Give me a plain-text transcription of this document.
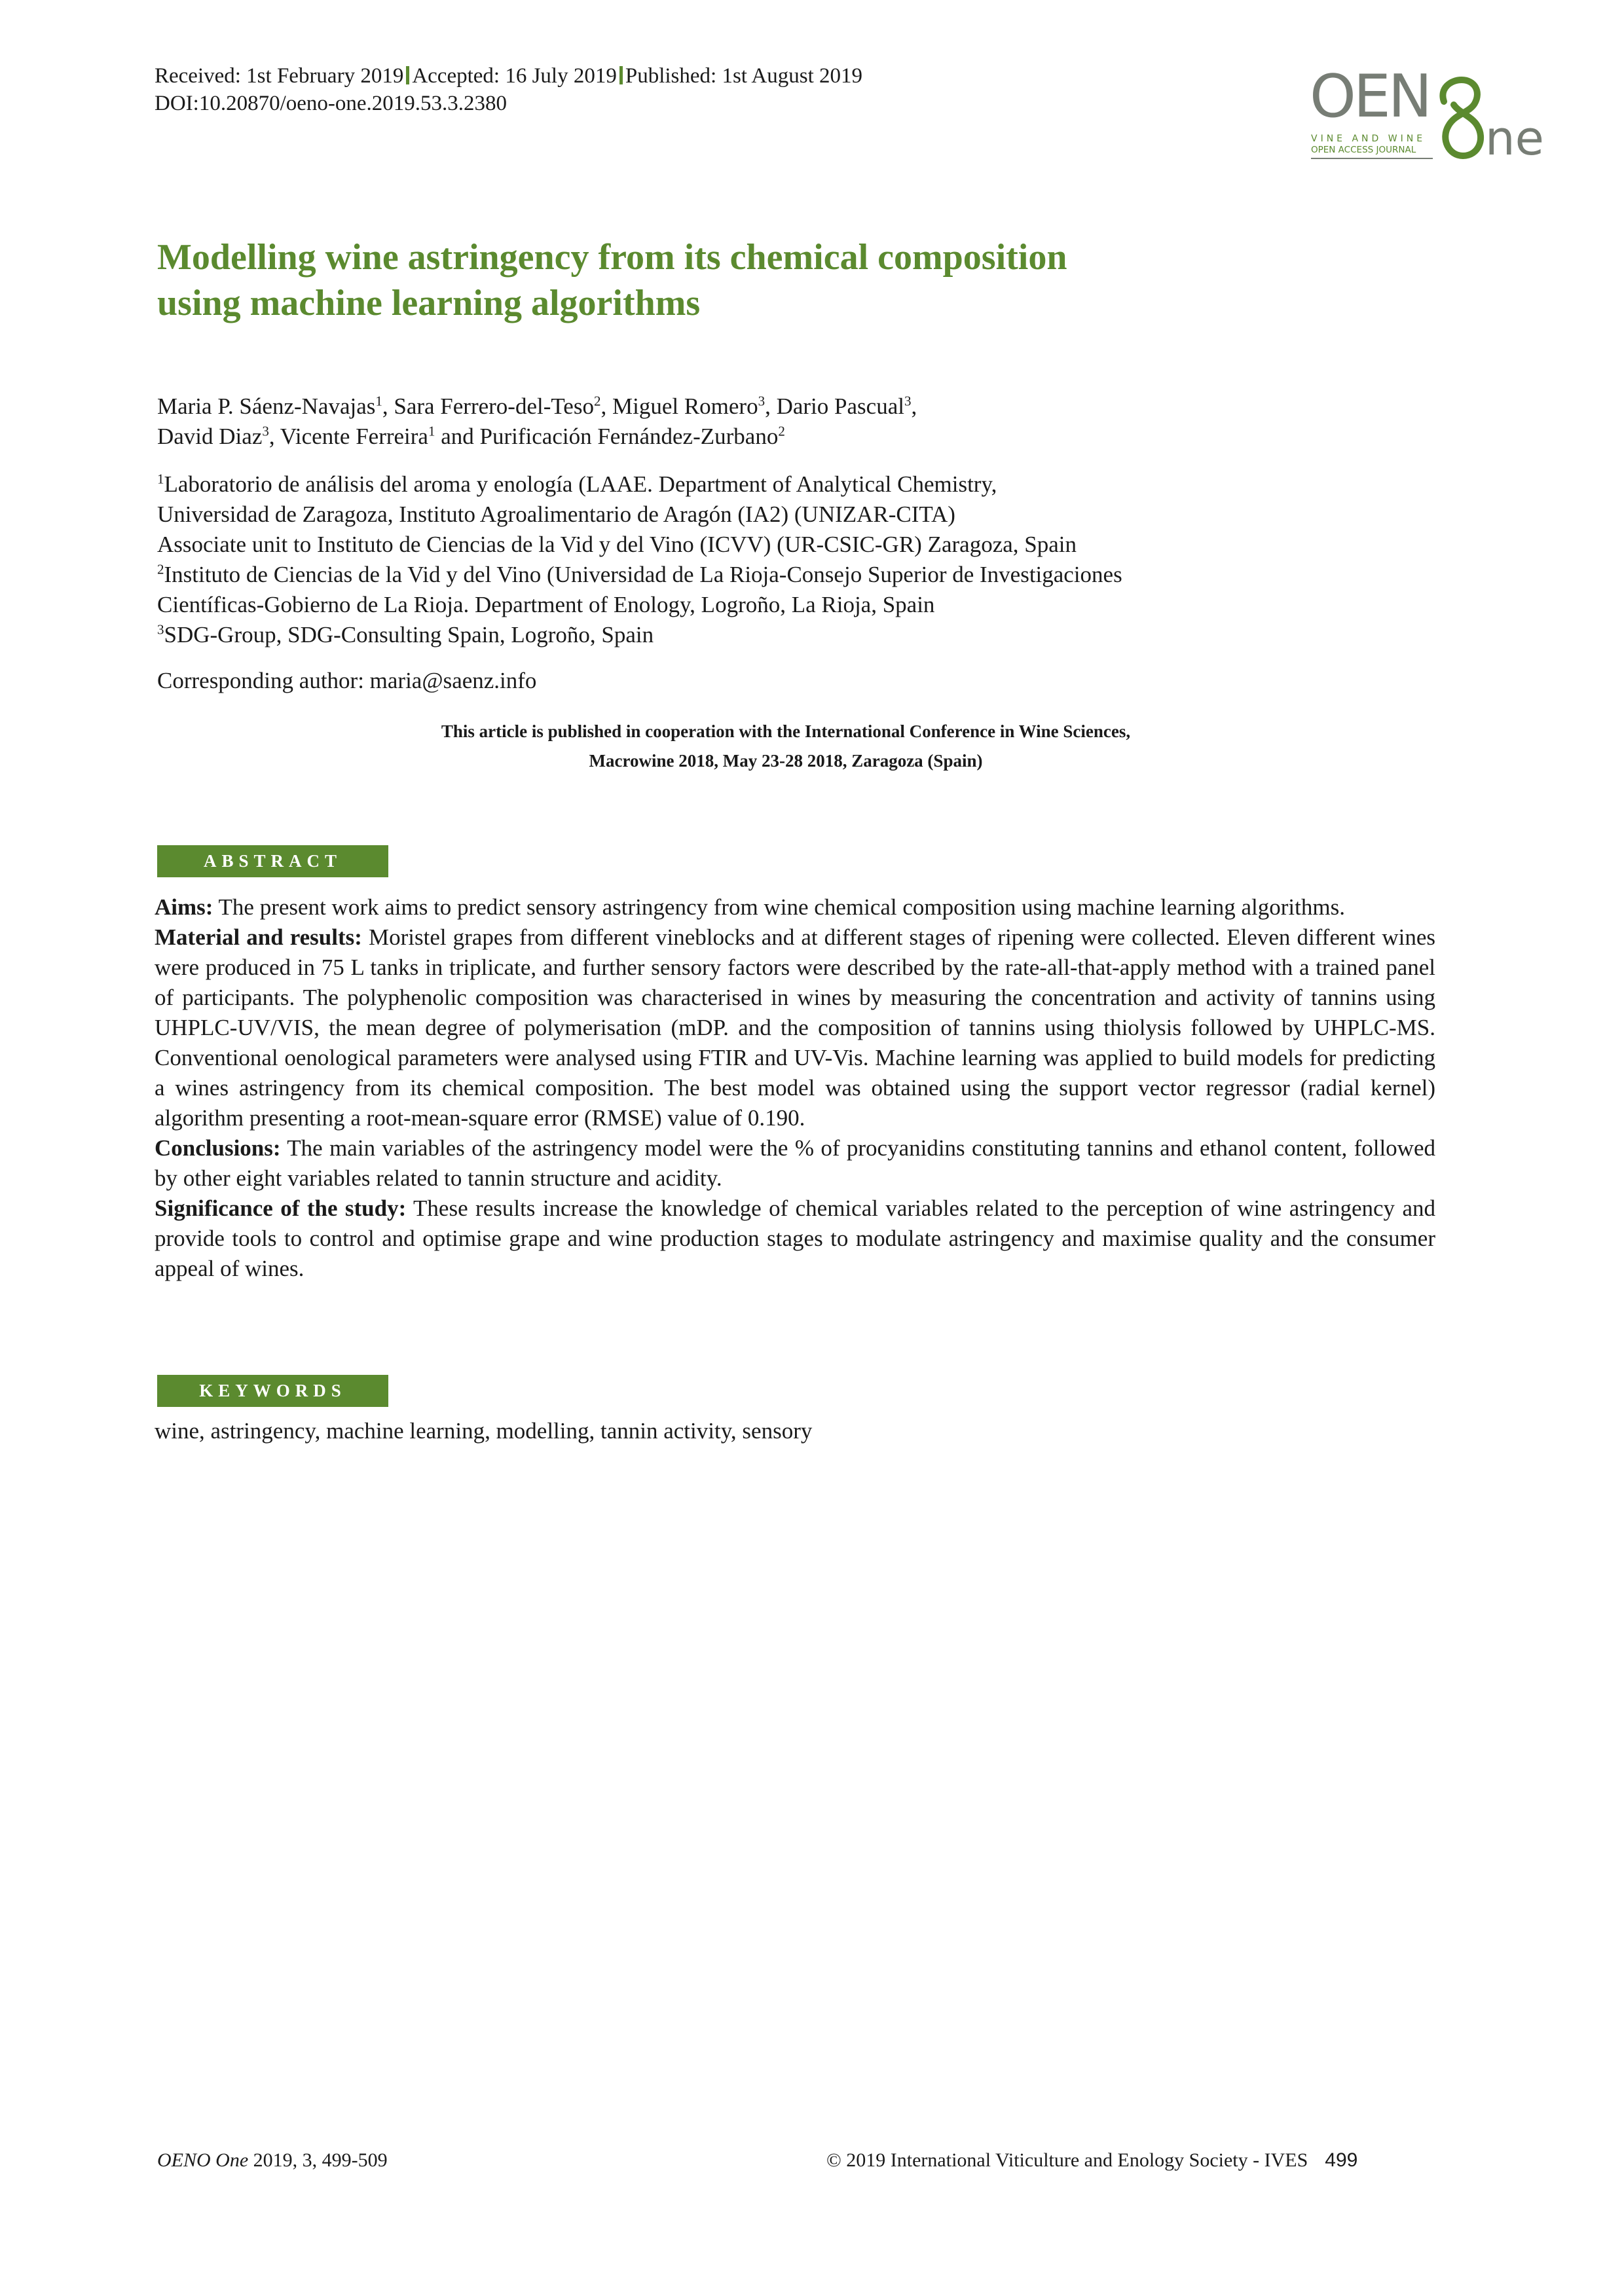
Received: 1st February 2019 Accepted: 16 July 2019 Published: 1st August 2019
DOI:10.20870/oeno-one.2019.53.3.2380	OEN
ne
VINE AND WINE
OPEN ACCESS JOURNAL
Modelling wine astringency from its chemical composition
using machine learning algorithms
Maria P. Sáenz-Navajas$^1$, Sara Ferrero-del-Teso$^2$, Miguel Romero$^3$, Dario Pascual$^3$,
David Diaz$^3$, Vicente Ferreira$^1$ and Purificación Fernández-Zurbano$^2$
$^1$Laboratorio de análisis del aroma y enología (LAAE. Department of Analytical Chemistry,
Universidad de Zaragoza, Instituto Agroalimentario de Aragón (IA2) (UNIZAR-CITA)
Associate unit to Instituto de Ciencias de la Vid y del Vino (ICVV) (UR-CSIC-GR) Zaragoza, Spain
$^2$Instituto de Ciencias de la Vid y del Vino (Universidad de La Rioja-Consejo Superior de Investigaciones
Científicas-Gobierno de La Rioja. Department of Enology, Logroño, La Rioja, Spain
$^3$SDG-Group, SDG-Consulting Spain, Logroño, Spain
Corresponding author: maria@saenz.info
This article is published in cooperation with the International Conference in Wine Sciences,
Macrowine 2018, May 23-28 2018, Zaragoza (Spain)
ABSTRACT

Aims: The present work aims to predict sensory astringency from wine chemical composition using machine learning algorithms.

Material and results: Moristel grapes from different vineblocks and at different stages of ripening were collected. Eleven different wines were produced in 75 L tanks in triplicate, and further sensory factors were described by the rate-all-that-apply method with a trained panel of participants. The polyphenolic composition was characterised in wines by measuring the concentration and activity of tannins using UHPLC-UV/VIS, the mean degree of polymerisation (mDP. and the composition of tannins using thiolysis followed by UHPLC-MS. Conventional oenological parameters were analysed using FTIR and UV-Vis. Machine learning was applied to build models for predicting a wines astringency from its chemical composition. The best model was obtained using the support vector regressor (radial kernel) algorithm presenting a root-mean-square error (RMSE) value of 0.190.

Conclusions: The main variables of the astringency model were the % of procyanidins constituting tannins and ethanol content, followed by other eight variables related to tannin structure and acidity.

Significance of the study: These results increase the knowledge of chemical variables related to the perception of wine astringency and provide tools to control and optimise grape and wine production stages to modulate astringency and maximise quality and the consumer appeal of wines.

KEYWORDS
wine, astringency, machine learning, modelling, tannin activity, sensory
OENO One 2019, 3, 499-509	© 2019 International Viticulture and Enology Society - IVES 499
